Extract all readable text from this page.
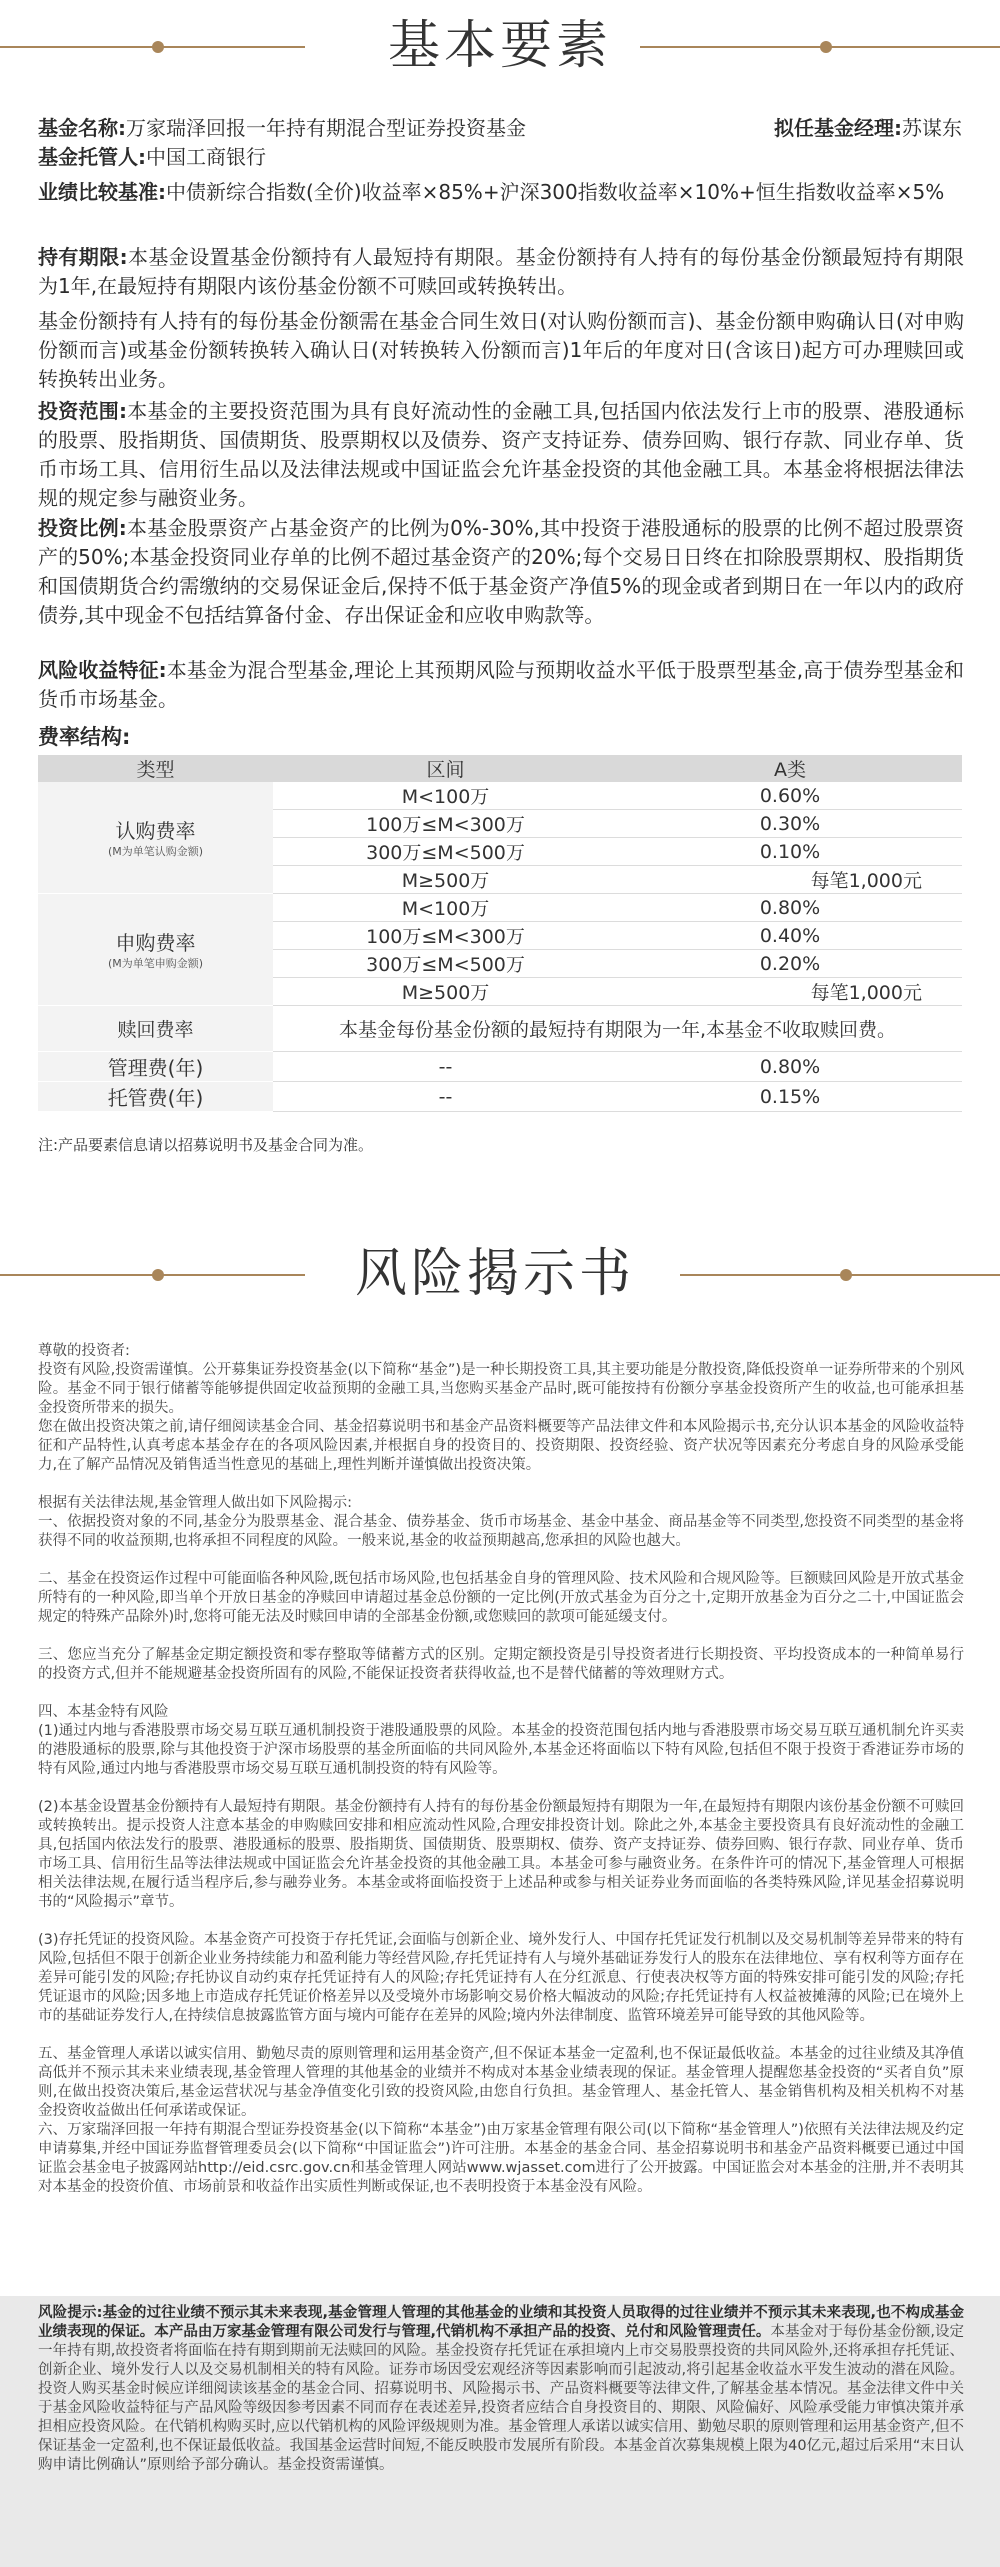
基本要素
基金名称:万家瑞泽回报一年持有期混合型证券投资基金	拟任基金经理:苏谋东
基金托管人:中国工商银行
业绩比较基准:中债新综合指数(全价)收益率×85%+沪深300指数收益率×10%+恒生指数收益率×5%
持有期限:本基金设置基金份额持有人最短持有期限。基金份额持有人持有的每份基金份额最短持有期限为1年,在最短持有期限内该份基金份额不可赎回或转换转出。
基金份额持有人持有的每份基金份额需在基金合同生效日(对认购份额而言)、基金份额申购确认日(对申购份额而言)或基金份额转换转入确认日(对转换转入份额而言)1年后的年度对日(含该日)起方可办理赎回或转换转出业务。
投资范围:本基金的主要投资范围为具有良好流动性的金融工具,包括国内依法发行上市的股票、港股通标的股票、股指期货、国债期货、股票期权以及债券、资产支持证券、债券回购、银行存款、同业存单、货币市场工具、信用衍生品以及法律法规或中国证监会允许基金投资的其他金融工具。本基金将根据法律法规的规定参与融资业务。
投资比例:本基金股票资产占基金资产的比例为0%-30%,其中投资于港股通标的股票的比例不超过股票资产的50%;本基金投资同业存单的比例不超过基金资产的20%;每个交易日日终在扣除股票期权、股指期货和国债期货合约需缴纳的交易保证金后,保持不低于基金资产净值5%的现金或者到期日在一年以内的政府债券,其中现金不包括结算备付金、存出保证金和应收申购款等。
风险收益特征:本基金为混合型基金,理论上其预期风险与预期收益水平低于股票型基金,高于债券型基金和货币市场基金。
费率结构:
类型	区间	A类
认购费率
(M为单笔认购金额)	M<100万	0.60%
	100万≤M<300万	0.30%
	300万≤M<500万	0.10%
	M≥500万	每笔1,000元
申购费率
(M为单笔申购金额)	M<100万	0.80%
	100万≤M<300万	0.40%
	300万≤M<500万	0.20%
	M≥500万	每笔1,000元
赎回费率	本基金每份基金份额的最短持有期限为一年,本基金不收取赎回费。	
管理费(年)	--	0.80%
托管费(年)	--	0.15%
注:产品要素信息请以招募说明书及基金合同为准。
风险揭示书
尊敬的投资者:
投资有风险,投资需谨慎。公开募集证券投资基金(以下简称“基金”)是一种长期投资工具,其主要功能是分散投资,降低投资单一证券所带来的个别风险。基金不同于银行储蓄等能够提供固定收益预期的金融工具,当您购买基金产品时,既可能按持有份额分享基金投资所产生的收益,也可能承担基金投资所带来的损失。
您在做出投资决策之前,请仔细阅读基金合同、基金招募说明书和基金产品资料概要等产品法律文件和本风险揭示书,充分认识本基金的风险收益特征和产品特性,认真考虑本基金存在的各项风险因素,并根据自身的投资目的、投资期限、投资经验、资产状况等因素充分考虑自身的风险承受能力,在了解产品情况及销售适当性意见的基础上,理性判断并谨慎做出投资决策。
根据有关法律法规,基金管理人做出如下风险揭示:
一、依据投资对象的不同,基金分为股票基金、混合基金、债券基金、货币市场基金、基金中基金、商品基金等不同类型,您投资不同类型的基金将获得不同的收益预期,也将承担不同程度的风险。一般来说,基金的收益预期越高,您承担的风险也越大。
二、基金在投资运作过程中可能面临各种风险,既包括市场风险,也包括基金自身的管理风险、技术风险和合规风险等。巨额赎回风险是开放式基金所特有的一种风险,即当单个开放日基金的净赎回申请超过基金总份额的一定比例(开放式基金为百分之十,定期开放基金为百分之二十,中国证监会规定的特殊产品除外)时,您将可能无法及时赎回申请的全部基金份额,或您赎回的款项可能延缓支付。
三、您应当充分了解基金定期定额投资和零存整取等储蓄方式的区别。定期定额投资是引导投资者进行长期投资、平均投资成本的一种简单易行的投资方式,但并不能规避基金投资所固有的风险,不能保证投资者获得收益,也不是替代储蓄的等效理财方式。
四、本基金特有风险
(1)通过内地与香港股票市场交易互联互通机制投资于港股通股票的风险。本基金的投资范围包括内地与香港股票市场交易互联互通机制允许买卖的港股通标的股票,除与其他投资于沪深市场股票的基金所面临的共同风险外,本基金还将面临以下特有风险,包括但不限于投资于香港证券市场的特有风险,通过内地与香港股票市场交易互联互通机制投资的特有风险等。
(2)本基金设置基金份额持有人最短持有期限。基金份额持有人持有的每份基金份额最短持有期限为一年,在最短持有期限内该份基金份额不可赎回或转换转出。提示投资人注意本基金的申购赎回安排和相应流动性风险,合理安排投资计划。除此之外,本基金主要投资具有良好流动性的金融工具,包括国内依法发行的股票、港股通标的股票、股指期货、国债期货、股票期权、债券、资产支持证券、债券回购、银行存款、同业存单、货币市场工具、信用衍生品等法律法规或中国证监会允许基金投资的其他金融工具。本基金可参与融资业务。在条件许可的情况下,基金管理人可根据相关法律法规,在履行适当程序后,参与融券业务。本基金或将面临投资于上述品种或参与相关证券业务而面临的各类特殊风险,详见基金招募说明书的“风险揭示”章节。
(3)存托凭证的投资风险。本基金资产可投资于存托凭证,会面临与创新企业、境外发行人、中国存托凭证发行机制以及交易机制等差异带来的特有风险,包括但不限于创新企业业务持续能力和盈利能力等经营风险,存托凭证持有人与境外基础证券发行人的股东在法律地位、享有权利等方面存在差异可能引发的风险;存托协议自动约束存托凭证持有人的风险;存托凭证持有人在分红派息、行使表决权等方面的特殊安排可能引发的风险;存托凭证退市的风险;因多地上市造成存托凭证价格差异以及受境外市场影响交易价格大幅波动的风险;存托凭证持有人权益被摊薄的风险;已在境外上市的基础证券发行人,在持续信息披露监管方面与境内可能存在差异的风险;境内外法律制度、监管环境差异可能导致的其他风险等。
五、基金管理人承诺以诚实信用、勤勉尽责的原则管理和运用基金资产,但不保证本基金一定盈利,也不保证最低收益。本基金的过往业绩及其净值高低并不预示其未来业绩表现,基金管理人管理的其他基金的业绩并不构成对本基金业绩表现的保证。基金管理人提醒您基金投资的“买者自负”原则,在做出投资决策后,基金运营状况与基金净值变化引致的投资风险,由您自行负担。基金管理人、基金托管人、基金销售机构及相关机构不对基金投资收益做出任何承诺或保证。
六、万家瑞泽回报一年持有期混合型证券投资基金(以下简称“本基金”)由万家基金管理有限公司(以下简称“基金管理人”)依照有关法律法规及约定申请募集,并经中国证券监督管理委员会(以下简称“中国证监会”)许可注册。本基金的基金合同、基金招募说明书和基金产品资料概要已通过中国证监会基金电子披露网站http://eid.csrc.gov.cn和基金管理人网站www.wjasset.com进行了公开披露。中国证监会对本基金的注册,并不表明其对本基金的投资价值、市场前景和收益作出实质性判断或保证,也不表明投资于本基金没有风险。
风险提示:基金的过往业绩不预示其未来表现,基金管理人管理的其他基金的业绩和其投资人员取得的过往业绩并不预示其未来表现,也不构成基金业绩表现的保证。本产品由万家基金管理有限公司发行与管理,代销机构不承担产品的投资、兑付和风险管理责任。本基金对于每份基金份额,设定一年持有期,故投资者将面临在持有期到期前无法赎回的风险。基金投资存托凭证在承担境内上市交易股票投资的共同风险外,还将承担存托凭证、创新企业、境外发行人以及交易机制相关的特有风险。证券市场因受宏观经济等因素影响而引起波动,将引起基金收益水平发生波动的潜在风险。投资人购买基金时候应详细阅读该基金的基金合同、招募说明书、风险揭示书、产品资料概要等法律文件,了解基金基本情况。基金法律文件中关于基金风险收益特征与产品风险等级因参考因素不同而存在表述差异,投资者应结合自身投资目的、期限、风险偏好、风险承受能力审慎决策并承担相应投资风险。在代销机构购买时,应以代销机构的风险评级规则为准。基金管理人承诺以诚实信用、勤勉尽职的原则管理和运用基金资产,但不保证基金一定盈利,也不保证最低收益。我国基金运营时间短,不能反映股市发展所有阶段。本基金首次募集规模上限为40亿元,超过后采用“末日认购申请比例确认”原则给予部分确认。基金投资需谨慎。
